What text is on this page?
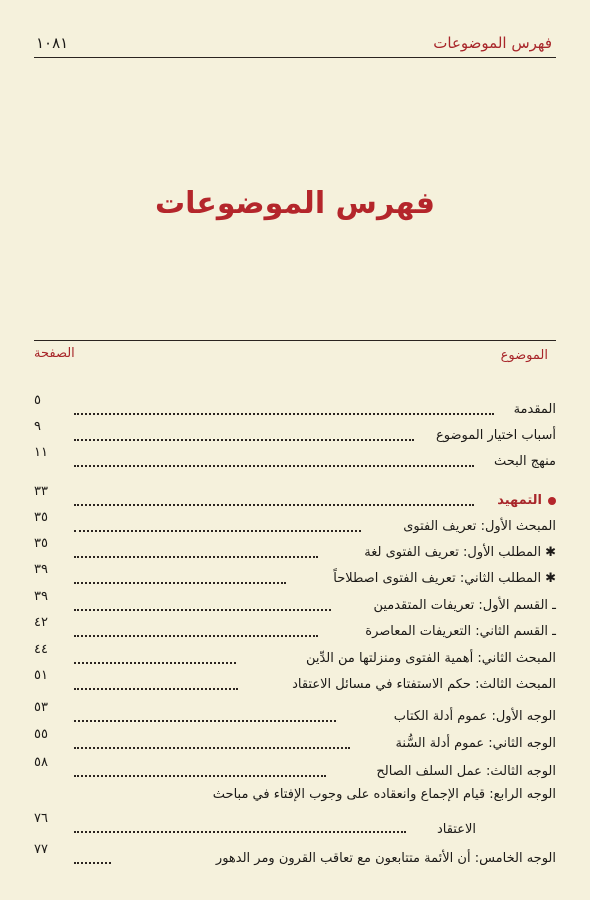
فهرس الموضوعات
١٠٨١
فهرس الموضوعات
الموضوع
الصفحة
المقدمة
٥
أسباب اختيار الموضوع
٩
منهج البحث
١١
التمهيد
٣٣
المبحث الأول: تعريف الفتوى
٣٥
✱المطلب الأول: تعريف الفتوى لغة
٣٥
✱المطلب الثاني: تعريف الفتوى اصطلاحاً
٣٩
ـ القسم الأول: تعريفات المتقدمين
٣٩
ـ القسم الثاني: التعريفات المعاصرة
٤٢
المبحث الثاني: أهمية الفتوى ومنزلتها من الدِّين
٤٤
المبحث الثالث: حكم الاستفتاء في مسائل الاعتقاد
٥١
الوجه الأول: عموم أدلة الكتاب
٥٣
الوجه الثاني: عموم أدلة السُّنة
٥٥
الوجه الثالث: عمل السلف الصالح
٥٨
الوجه الرابع: قيام الإجماع وانعقاده على وجوب الإفتاء في مباحث
الاعتقاد
٧٦
الوجه الخامس: أن الأئمة متتابعون مع تعاقب القرون ومر الدهور
٧٧
